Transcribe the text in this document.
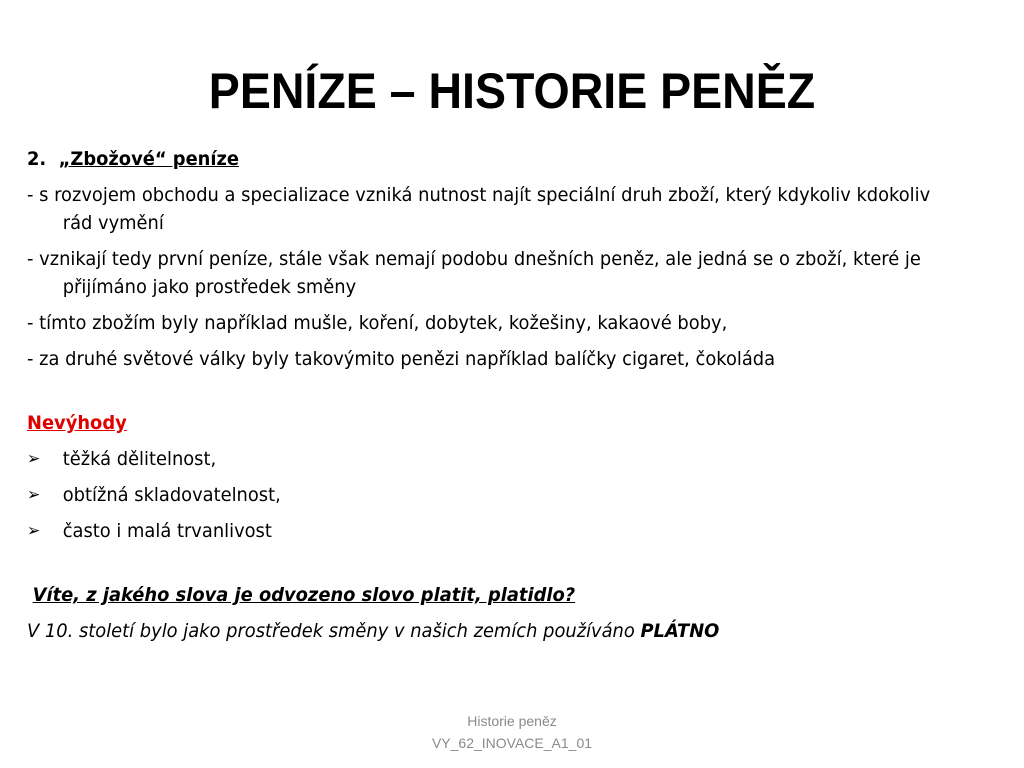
PENÍZE – HISTORIE PENĚZ

2. „Zbožové“ peníze

- s rozvojem obchodu a specializace vzniká nutnost najít speciální druh zboží, který kdykoliv kdokoliv rád vymění

- vznikají tedy první peníze, stále však nemají podobu dnešních peněz, ale jedná se o zboží, které je přijímáno jako prostředek směny

- tímto zbožím byly například mušle, koření, dobytek, kožešiny, kakaové boby,

- za druhé světové války byly takovýmito penězi například balíčky cigaret, čokoláda

Nevýhody

➢	těžká dělitelnost,
➢	obtížná skladovatelnost,
➢	často i malá trvanlivost

Víte, z jakého slova je odvozeno slovo platit, platidlo?

V 10. století bylo jako prostředek směny v našich zemích používáno PLÁTNO

Historie peněz
VY_62_INOVACE_A1_01
